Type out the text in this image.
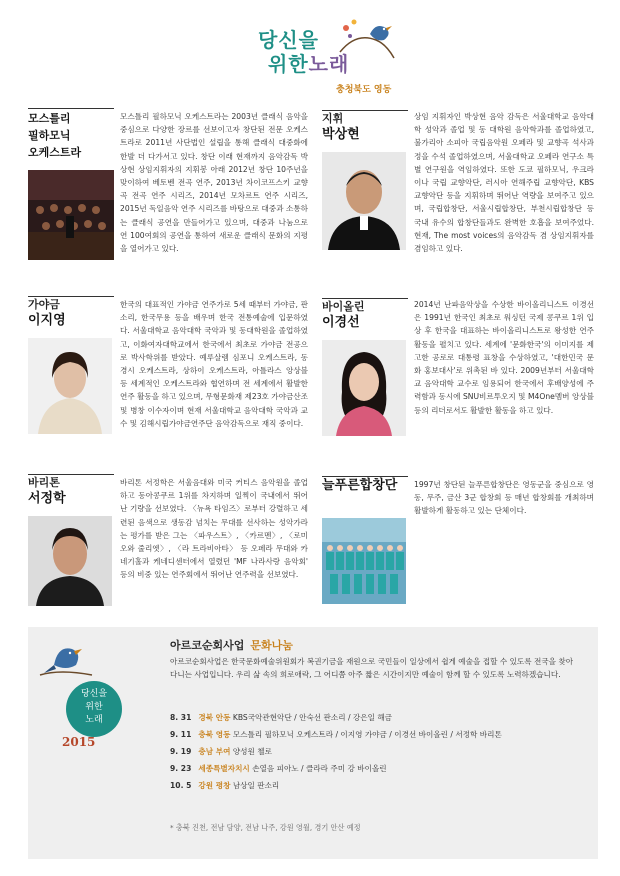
당신을
위한노래
충청북도 영동
모스틀리
필하모닉
오케스트라
모스틀리 필하모닉 오케스트라는 2003년 클래식 음악을 중심으로 다양한 장르를 선보이고자 창단된 전문 오케스트라로 2011년 사단법인 설립을 통해 클래식 대중화에 한발 더 다가서고 있다. 창단 이래 현재까지 음악감독 박상현 상임지휘자의 지휘봉 아래 2012년 창단 10주년을 맞이하여 베토벤 전곡 연주, 2013년 차이코프스키 교향곡 전곡 연주 시리즈, 2014년 모차르트 연주 시리즈, 2015년 독일음악 연주 시리즈를 바탕으로 대중과 소통하는 클래식 공연을 만들어가고 있으며, 대중과 나눔으로 연 100여회의 공연을 통하여 새로운 클래식 문화의 지평을 열어가고 있다.
지휘
박상현
상임 지휘자인 박상현 음악 감독은 서울대학교 음악대학 성악과 졸업 및 동 대학원 음악학과를 졸업하였고, 불가리아 소피아 국립음악원 오페라 및 교향곡 석사과정을 수석 졸업하였으며, 서울대학교 오페라 연구소 특별 연구원을 역임하였다. 또한 도쿄 필하모닉, 우크라이나 국립 교향악단, 러시아 연해주립 교향악단, KBS 교향악단 등을 지휘하며 뛰어난 역량을 보여주고 있으며, 국립합창단, 서울시립합창단, 부천시립합창단 등 국내 유수의 합창단들과도 완벽한 호흡을 보여주었다. 현재, The most voices의 음악감독 겸 상임지휘자를 겸임하고 있다.
가야금
이지영
한국의 대표적인 가야금 연주가로 5세 때부터 가야금, 판소리, 한국무용 등을 배우며 한국 전통예술에 입문하였다. 서울대학교 음악대학 국악과 및 동대학원을 졸업하였고, 이화여자대학교에서 한국에서 최초로 가야금 전공으로 박사학위를 받았다. 예루살렘 심포니 오케스트라, 동경시 오케스트라, 상하이 오케스트라, 아틀라스 앙상블 등 세계적인 오케스트라와 협연하며 전 세계에서 활발한 연주 활동을 하고 있으며, 무형문화재 제23호 가야금산조 및 병창 이수자이며 현재 서울대학교 음악대학 국악과 교수 및 김해시립가야금연주단 음악감독으로 재직 중이다.
바이올린
이경선
2014년 난파음악상을 수상한 바이올리니스트 이경선은 1991년 한국인 최초로 워싱턴 국제 콩쿠르 1위 입상 후 한국을 대표하는 바이올리니스트로 왕성한 연주활동을 펼치고 있다. 세계에 '문화한국'의 이미지를 제고한 공로로 대통령 표창을 수상하였고, '대한민국 문화 홍보대사'로 위촉된 바 있다. 2009년부터 서울대학교 음악대학 교수로 임용되어 한국에서 후배양성에 주력함과 동시에 SNU비르투오지 및 M4One멤버 앙상블 등의 리더로서도 활발한 활동을 하고 있다.
바리톤
서정학
바리톤 서정학은 서울음대와 미국 커티스 음악원을 졸업하고 동아콩쿠르 1위를 차지하며 일찍이 국내에서 뛰어난 기량을 선보였다. 〈뉴욕 타임즈〉로부터 강렬하고 세련된 음색으로 생동감 넘치는 무대를 선사하는 성악가라는 평가를 받은 그는 〈파우스트〉, 〈카르멘〉, 〈로미오와 줄리엣〉, 〈라 트라비아타〉 등 오페라 무대와 카네기홀과 케네디센터에서 열렸던 'MF 나라사랑 음악회' 등의 비중 있는 연주회에서 뛰어난 연주력을 선보였다.
늘푸른합창단	1997년 창단된 늘푸른합창단은 영동군을 중심으로 영동, 무주, 금산 3군 합창회 등 매년 합창회를 개최하며 활발하게 활동하고 있는 단체이다.
당신을
위한
노래
2015
아르코순회사업 문화나눔
아르코순회사업은 한국문화예술위원회가 복권기금을 재원으로 국민들이 일상에서 쉽게 예술을 접할 수 있도록 전국을 찾아 다니는 사업입니다. 우리 삶 속의 희로애락, 그 어디쯤 아주 짧은 시간이지만 예술이 함께 할 수 있도록 노력하겠습니다.
8. 31 경북 안동 KBS국악관현악단 / 안숙선 판소리 / 강은일 해금
9. 11 충북 영동 모스틀리 필하모닉 오케스트라 / 이지영 가야금 / 이경선 바이올린 / 서정학 바리톤
9. 19 충남 부여 양성원 첼로
9. 23 세종특별자치시 손열음 피아노 / 클라라 주미 강 바이올린
10. 5 강원 평창 남상일 판소리
* 충북 진천, 전남 담양, 전남 나주, 강원 영월, 경기 안산 예정
